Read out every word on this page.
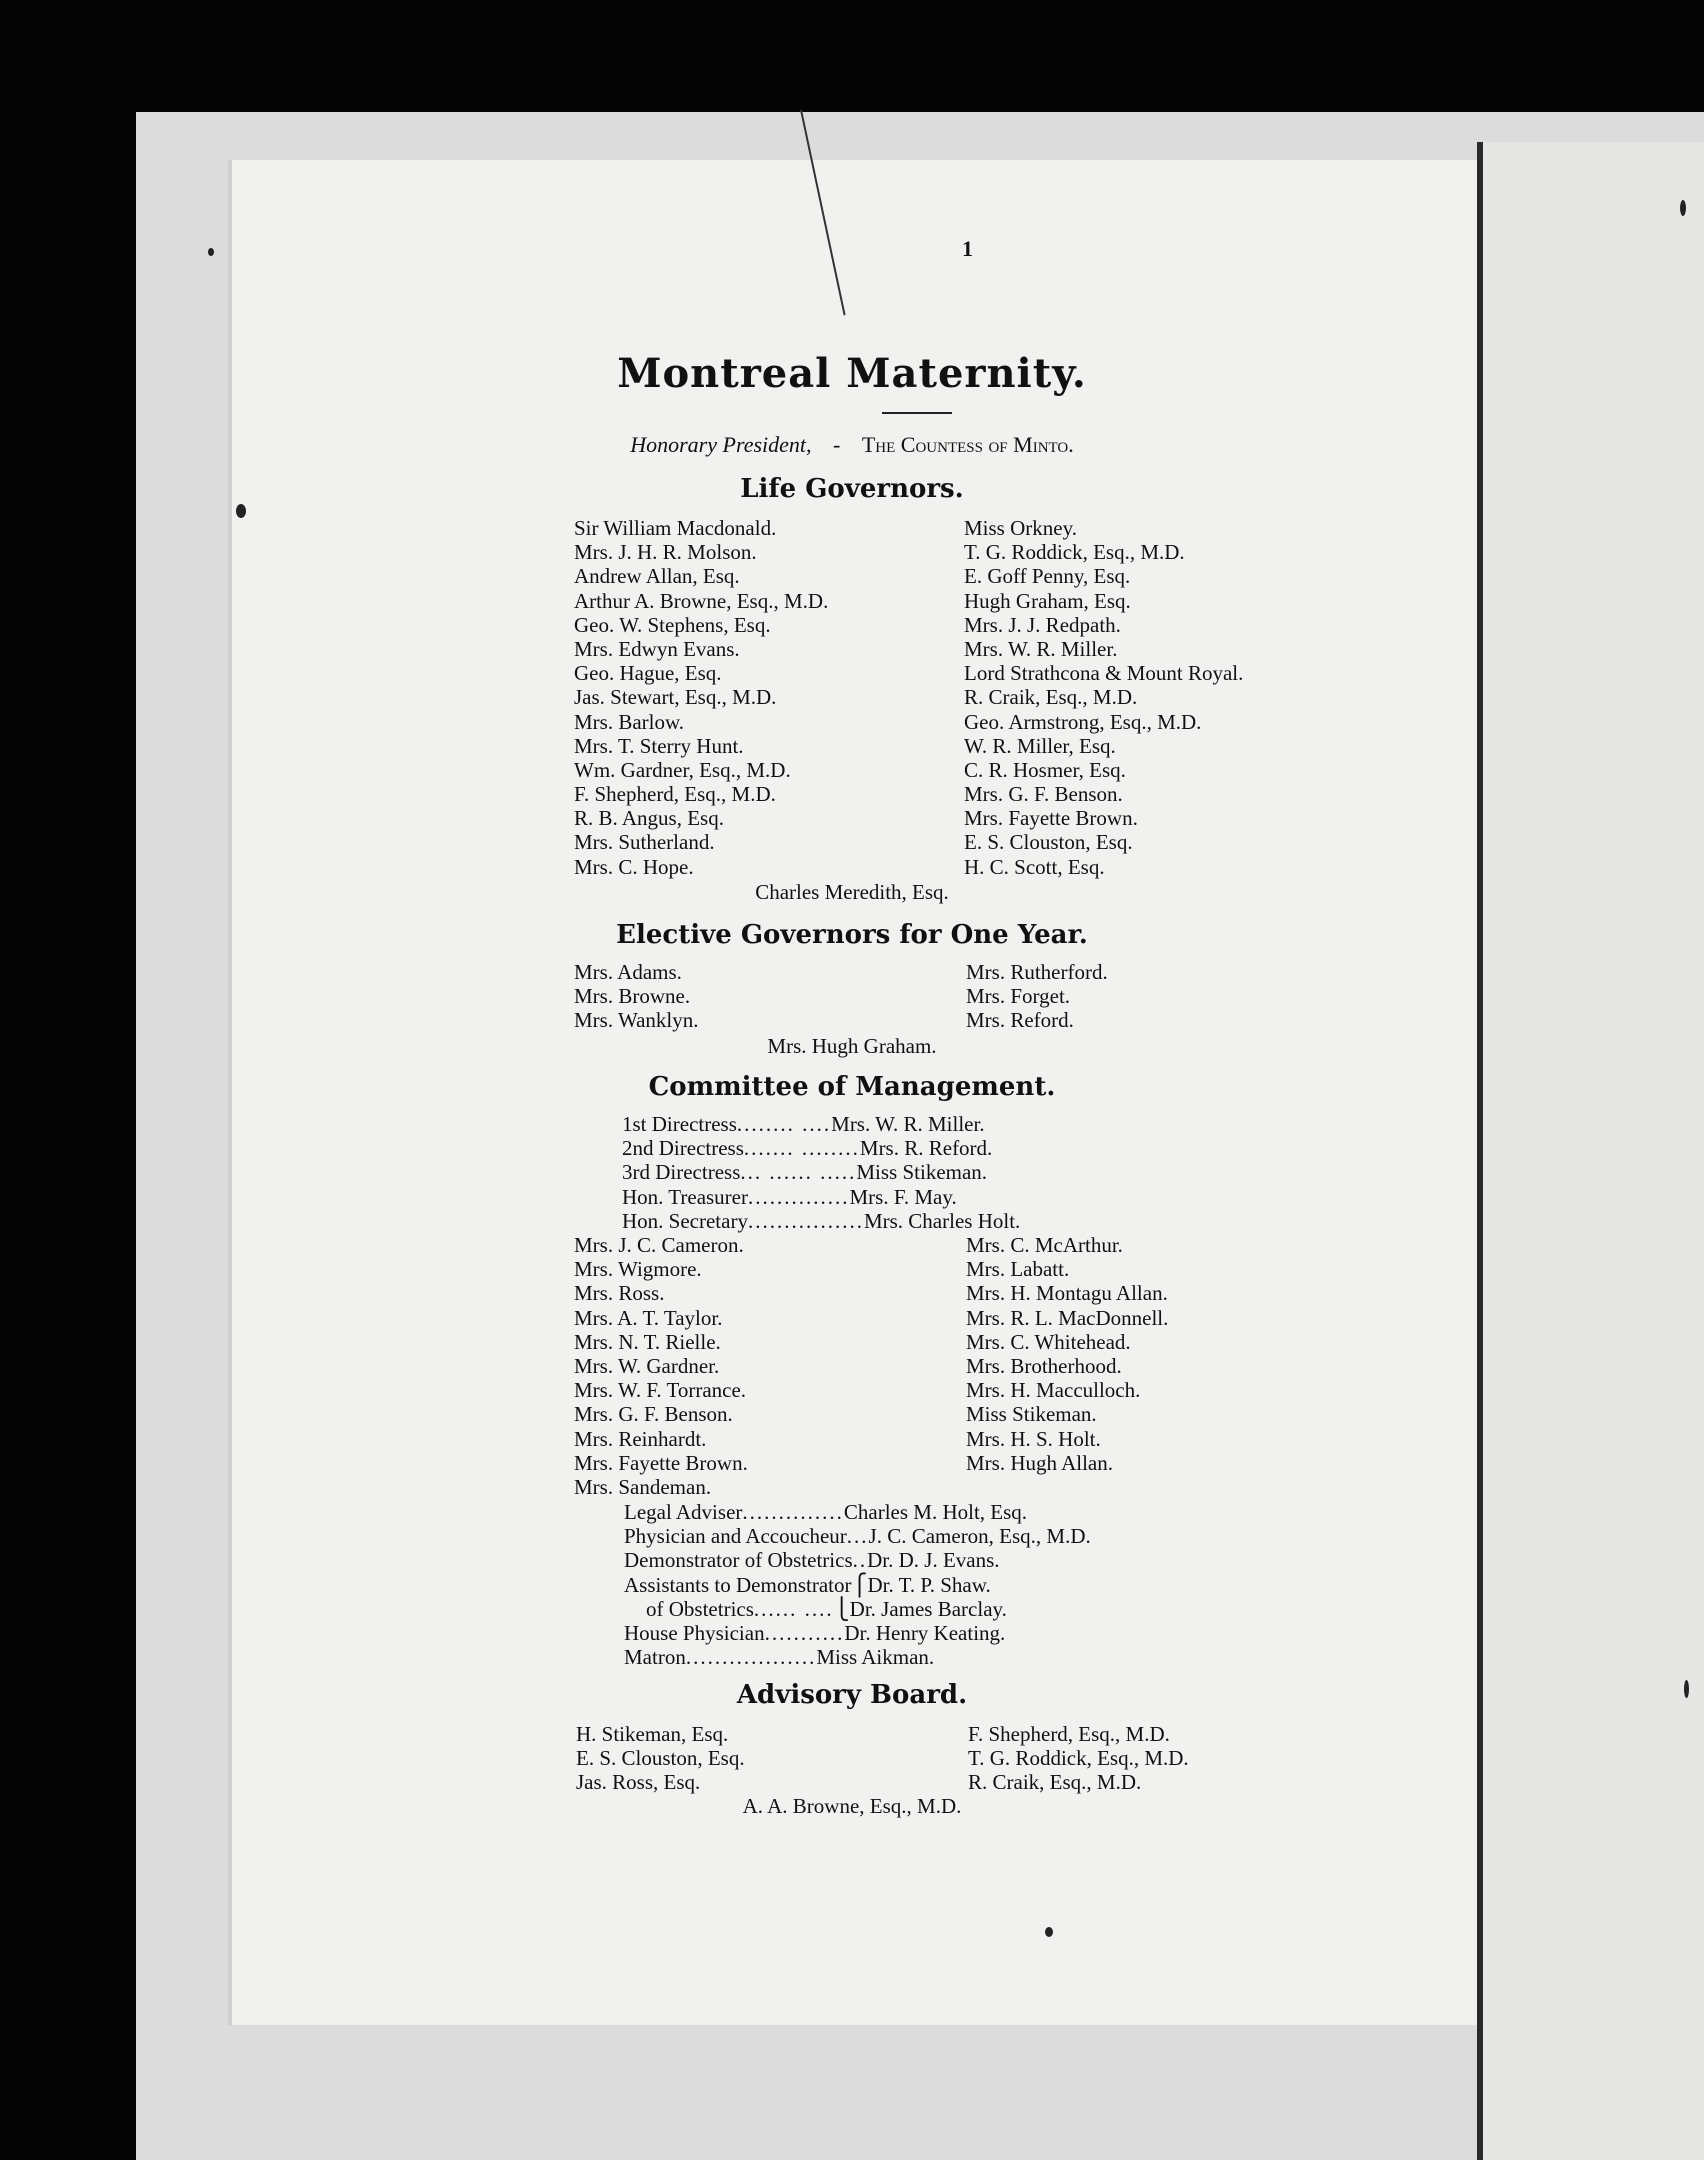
1
Montreal Maternity.
Honorary President, - The Countess of Minto.
Life Governors.
Sir William Macdonald.
Mrs. J. H. R. Molson.
Andrew Allan, Esq.
Arthur A. Browne, Esq., M.D.
Geo. W. Stephens, Esq.
Mrs. Edwyn Evans.
Geo. Hague, Esq.
Jas. Stewart, Esq., M.D.
Mrs. Barlow.
Mrs. T. Sterry Hunt.
Wm. Gardner, Esq., M.D.
F. Shepherd, Esq., M.D.
R. B. Angus, Esq.
Mrs. Sutherland.
Mrs. C. Hope.
Miss Orkney.
T. G. Roddick, Esq., M.D.
E. Goff Penny, Esq.
Hugh Graham, Esq.
Mrs. J. J. Redpath.
Mrs. W. R. Miller.
Lord Strathcona & Mount Royal.
R. Craik, Esq., M.D.
Geo. Armstrong, Esq., M.D.
W. R. Miller, Esq.
C. R. Hosmer, Esq.
Mrs. G. F. Benson.
Mrs. Fayette Brown.
E. S. Clouston, Esq.
H. C. Scott, Esq.
Charles Meredith, Esq.
Elective Governors for One Year.
Mrs. Adams.
Mrs. Browne.
Mrs. Wanklyn.
Mrs. Rutherford.
Mrs. Forget.
Mrs. Reford.
Mrs. Hugh Graham.
Committee of Management.
1st Directress........ ....Mrs. W. R. Miller.
2nd Directress....... ........Mrs. R. Reford.
3rd Directress... ...... .....Miss Stikeman.
Hon. Treasurer..............Mrs. F. May.
Hon. Secretary................Mrs. Charles Holt.
Mrs. J. C. Cameron.
Mrs. Wigmore.
Mrs. Ross.
Mrs. A. T. Taylor.
Mrs. N. T. Rielle.
Mrs. W. Gardner.
Mrs. W. F. Torrance.
Mrs. G. F. Benson.
Mrs. Reinhardt.
Mrs. Fayette Brown.
Mrs. Sandeman.
Mrs. C. McArthur.
Mrs. Labatt.
Mrs. H. Montagu Allan.
Mrs. R. L. MacDonnell.
Mrs. C. Whitehead.
Mrs. Brotherhood.
Mrs. H. Macculloch.
Miss Stikeman.
Mrs. H. S. Holt.
Mrs. Hugh Allan.
Legal Adviser..............Charles M. Holt, Esq.
Physician and Accoucheur...J. C. Cameron, Esq., M.D.
Demonstrator of Obstetrics..Dr. D. J. Evans.
Assistants to Demonstrator⎧Dr. T. P. Shaw.
of Obstetrics...... ....⎩Dr. James Barclay.
House Physician...........Dr. Henry Keating.
Matron..................Miss Aikman.
Advisory Board.
H. Stikeman, Esq.
E. S. Clouston, Esq.
Jas. Ross, Esq.
F. Shepherd, Esq., M.D.
T. G. Roddick, Esq., M.D.
R. Craik, Esq., M.D.
A. A. Browne, Esq., M.D.
